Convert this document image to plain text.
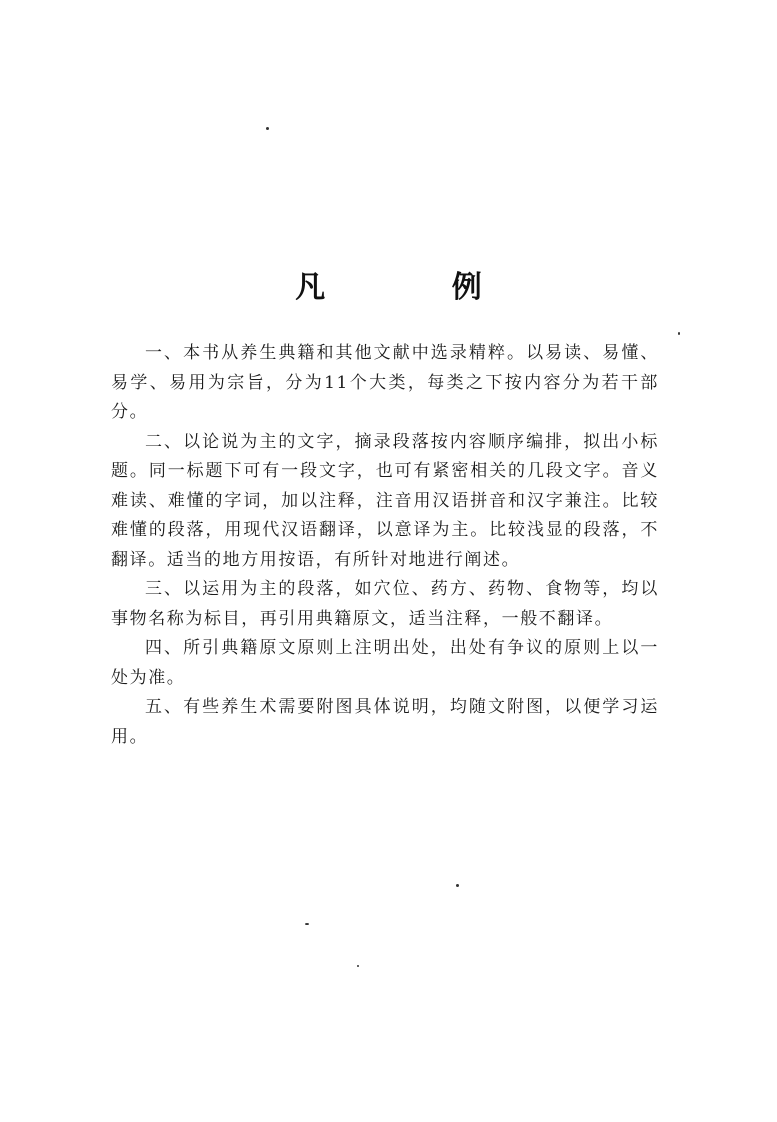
凡 例

一、本书从养生典籍和其他文献中选录精粹。以易读、易懂、易学、易用为宗旨，分为11个大类，每类之下按内容分为若干部分。

二、以论说为主的文字，摘录段落按内容顺序编排，拟出小标题。同一标题下可有一段文字，也可有紧密相关的几段文字。音义难读、难懂的字词，加以注释，注音用汉语拼音和汉字兼注。比较难懂的段落，用现代汉语翻译，以意译为主。比较浅显的段落，不翻译。适当的地方用按语，有所针对地进行阐述。

三、以运用为主的段落，如穴位、药方、药物、食物等，均以事物名称为标目，再引用典籍原文，适当注释，一般不翻译。

四、所引典籍原文原则上注明出处，出处有争议的原则上以一处为准。

五、有些养生术需要附图具体说明，均随文附图，以便学习运用。
